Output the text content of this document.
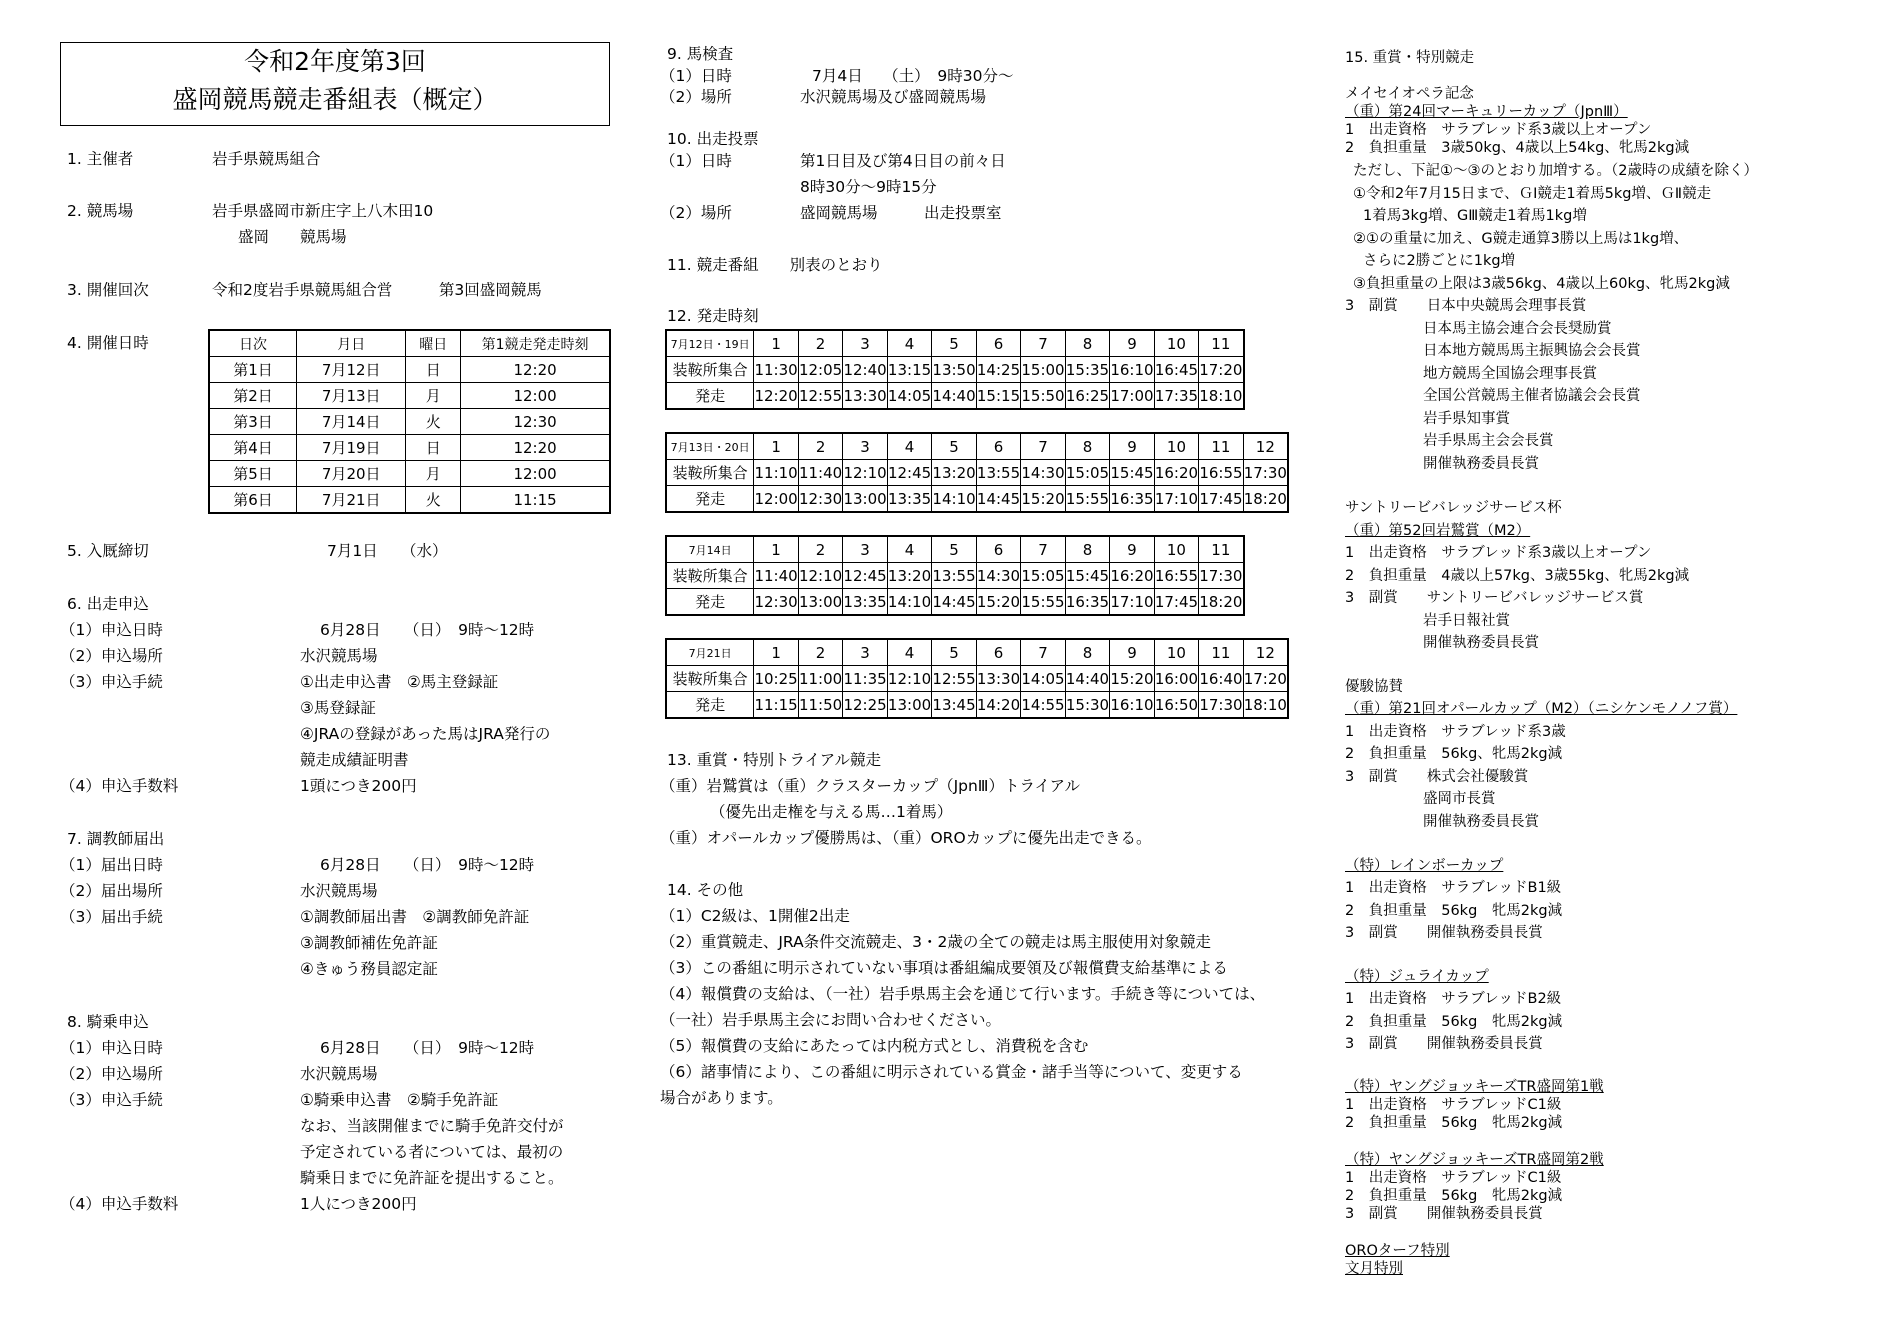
令和2年度第3回
盛岡競馬競走番組表（概定）
1. 主催者	岩手県競馬組合
2. 競馬場	岩手県盛岡市新庄字上八木田10
盛岡　　競馬場
3. 開催回次	令和2度岩手県競馬組合営　　　第3回盛岡競馬
4. 開催日時
5. 入厩締切	7月1日　　（水）
6. 出走申込
（1）申込日時	6月28日　　（日）　9時～12時
（2）申込場所	水沢競馬場
（3）申込手続	①出走申込書　②馬主登録証
③馬登録証
④JRAの登録があった馬はJRA発行の
競走成績証明書
（4）申込手数料	1頭につき200円
7. 調教師届出
（1）届出日時	6月28日　　（日）　9時～12時
（2）届出場所	水沢競馬場
（3）届出手続	①調教師届出書　②調教師免許証
③調教師補佐免許証
④きゅう務員認定証
8. 騎乗申込
（1）申込日時	6月28日　　（日）　9時～12時
（2）申込場所	水沢競馬場
（3）申込手続	①騎乗申込書　②騎手免許証
なお、当該開催までに騎手免許交付が
予定されている者については、最初の
騎乗日までに免許証を提出すること。
（4）申込手数料	1人につき200円
日次	月日	曜日	第1競走発走時刻
第1日	7月12日	日	12:20
第2日	7月13日	月	12:00
第3日	7月14日	火	12:30
第4日	7月19日	日	12:20
第5日	7月20日	月	12:00
第6日	7月21日	火	11:15
9. 馬検査
（1）日時	7月4日　 （土）　9時30分～
（2）場所	水沢競馬場及び盛岡競馬場
10. 出走投票
（1）日時	第1日目及び第4日目の前々日
8時30分～9時15分
（2）場所	盛岡競馬場　　　出走投票室
11. 競走番組　　別表のとおり
12. 発走時刻
13. 重賞・特別トライアル競走
（重）岩鷲賞は（重）クラスターカップ（JpnⅢ）トライアル
（優先出走権を与える馬…1着馬）
（重）オパールカップ優勝馬は、（重）OROカップに優先出走できる。
14. その他
（1）C2級は、1開催2出走
（2）重賞競走、JRA条件交流競走、3・2歳の全ての競走は馬主服使用対象競走
（3）この番組に明示されていない事項は番組編成要領及び報償費支給基準による
（4）報償費の支給は、（一社）岩手県馬主会を通じて行います。手続き等については、
（一社）岩手県馬主会にお問い合わせください。
（5）報償費の支給にあたっては内税方式とし、消費税を含む
（6）諸事情により、この番組に明示されている賞金・諸手当等について、変更する
場合があります。
7月12日・19日	1	2	3	4	5	6	7	8	9	10	11
装鞍所集合	11:30	12:05	12:40	13:15	13:50	14:25	15:00	15:35	16:10	16:45	17:20
発走	12:20	12:55	13:30	14:05	14:40	15:15	15:50	16:25	17:00	17:35	18:10
7月13日・20日	1	2	3	4	5	6	7	8	9	10	11	12
装鞍所集合	11:10	11:40	12:10	12:45	13:20	13:55	14:30	15:05	15:45	16:20	16:55	17:30
発走	12:00	12:30	13:00	13:35	14:10	14:45	15:20	15:55	16:35	17:10	17:45	18:20
7月14日	1	2	3	4	5	6	7	8	9	10	11
装鞍所集合	11:40	12:10	12:45	13:20	13:55	14:30	15:05	15:45	16:20	16:55	17:30
発走	12:30	13:00	13:35	14:10	14:45	15:20	15:55	16:35	17:10	17:45	18:20
7月21日	1	2	3	4	5	6	7	8	9	10	11	12
装鞍所集合	10:25	11:00	11:35	12:10	12:55	13:30	14:05	14:40	15:20	16:00	16:40	17:20
発走	11:15	11:50	12:25	13:00	13:45	14:20	14:55	15:30	16:10	16:50	17:30	18:10
15. 重賞・特別競走
メイセイオペラ記念
（重）第24回マーキュリーカップ（JpnⅢ）
1　出走資格　サラブレッド系3歳以上オープン
2　負担重量　3歳50kg、4歳以上54kg、牝馬2kg減
ただし、下記①～③のとおり加増する。（2歳時の成績を除く）
①令和2年7月15日まで、ＧⅠ競走1着馬5kg増、ＧⅡ競走
1着馬3kg増、GⅢ競走1着馬1kg増
②①の重量に加え、G競走通算3勝以上馬は1kg増、
さらに2勝ごとに1kg増
③負担重量の上限は3歳56kg、4歳以上60kg、牝馬2kg減
3　副賞　　日本中央競馬会理事長賞
日本馬主協会連合会長奨励賞
日本地方競馬馬主振興協会会長賞
地方競馬全国協会理事長賞
全国公営競馬主催者協議会会長賞
岩手県知事賞
岩手県馬主会会長賞
開催執務委員長賞
サントリービバレッジサービス杯
（重）第52回岩鷲賞（M2）
1　出走資格　サラブレッド系3歳以上オープン
2　負担重量　4歳以上57kg、3歳55kg、牝馬2kg減
3　副賞　　サントリービバレッジサービス賞
岩手日報社賞
開催執務委員長賞
優駿協賛
（重）第21回オパールカップ（M2）（ニシケンモノノフ賞）
1　出走資格　サラブレッド系3歳
2　負担重量　56kg、牝馬2kg減
3　副賞　　株式会社優駿賞
盛岡市長賞
開催執務委員長賞
（特）レインボーカップ
1　出走資格　サラブレッドB1級
2　負担重量　56kg　牝馬2kg減
3　副賞　　開催執務委員長賞
（特）ジュライカップ
1　出走資格　サラブレッドB2級
2　負担重量　56kg　牝馬2kg減
3　副賞　　開催執務委員長賞
（特）ヤングジョッキーズTR盛岡第1戦
1　出走資格　サラブレッドC1級
2　負担重量　56kg　牝馬2kg減
（特）ヤングジョッキーズTR盛岡第2戦
1　出走資格　サラブレッドC1級
2　負担重量　56kg　牝馬2kg減
3　副賞　　開催執務委員長賞
OROターフ特別
文月特別
